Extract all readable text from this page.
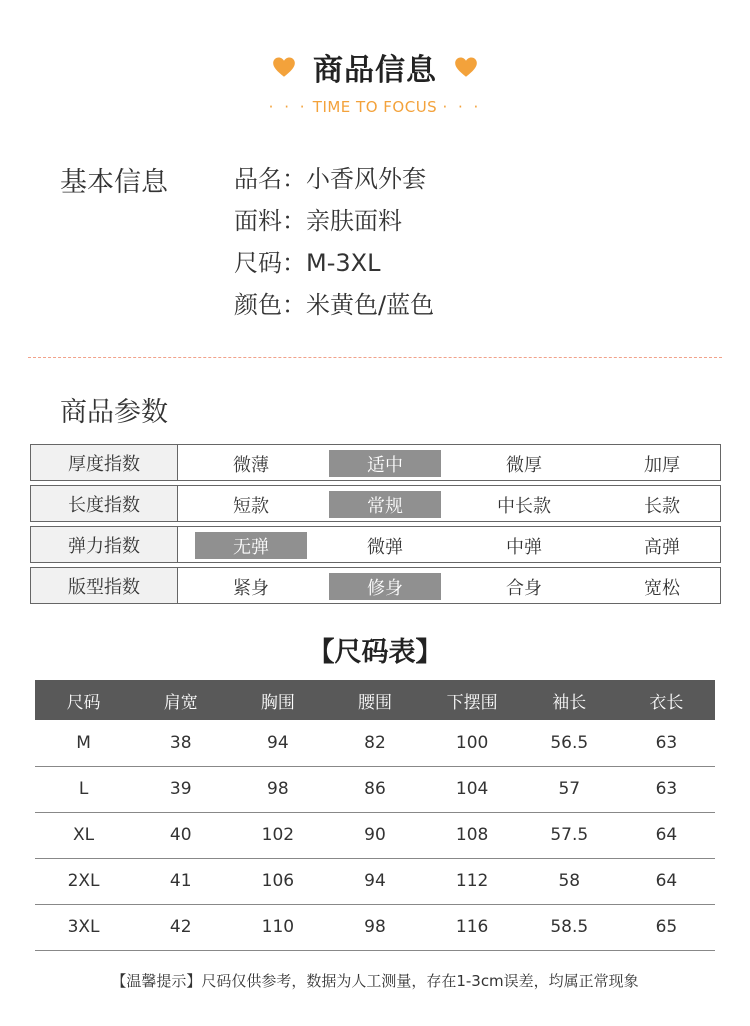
商品信息
· · · TIME TO FOCUS · · ·
基本信息	品名：小香风外套
面料：亲肤面料
尺码：M-3XL
颜色：米黄色/蓝色
商品参数
厚度指数	微薄	适中	微厚	加厚
长度指数	短款	常规	中长款	长款
弹力指数	无弹	微弹	中弹	高弹
版型指数	紧身	修身	合身	宽松
【尺码表】
尺码	肩宽	胸围	腰围	下摆围	袖长	衣长
M	38	94	82	100	56.5	63
L	39	98	86	104	57	63
XL	40	102	90	108	57.5	64
2XL	41	106	94	112	58	64
3XL	42	110	98	116	58.5	65
【温馨提示】尺码仅供参考，数据为人工测量，存在1-3cm误差，均属正常现象
